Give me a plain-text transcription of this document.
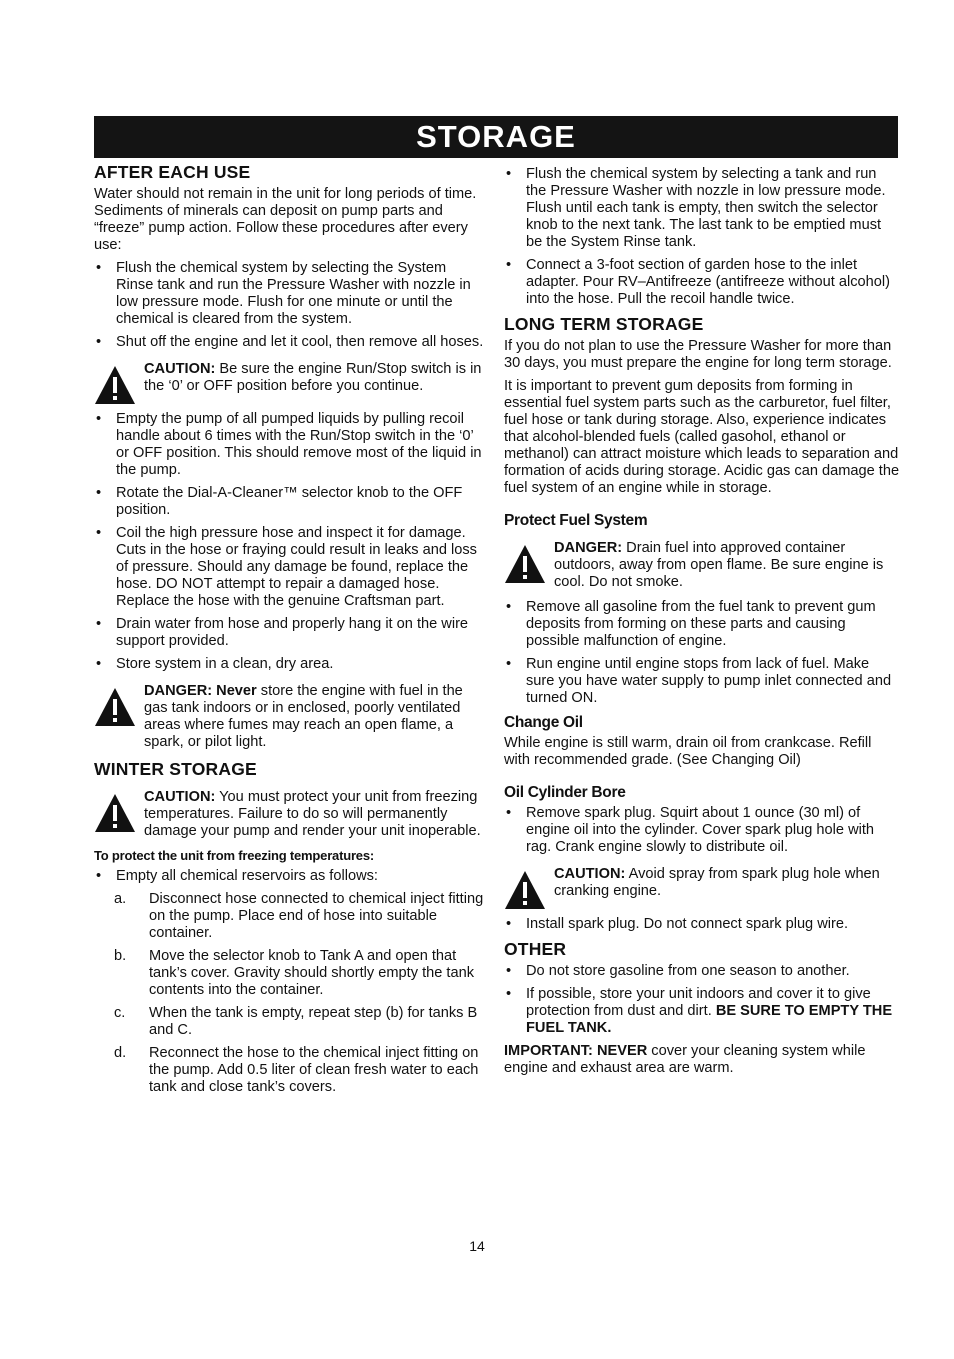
STORAGE
AFTER EACH USE

Water should not remain in the unit for long periods of time. Sediments of minerals can deposit on pump parts and “freeze” pump action. Follow these procedures after every use:

• Flush the chemical system by selecting the System Rinse tank and run the Pressure Washer with nozzle in low pressure mode. Flush for one minute or until the chemical is cleared from the system.
• Shut off the engine and let it cool, then remove all hoses.
CAUTION: Be sure the engine Run/Stop switch is in the ‘0’ or OFF position before you continue.
• Empty the pump of all pumped liquids by pulling recoil handle about 6 times with the Run/Stop switch in the ‘0’ or OFF position. This should remove most of the liquid in the pump.
• Rotate the Dial-A-Cleaner™ selector knob to the OFF position.
• Coil the high pressure hose and inspect it for damage. Cuts in the hose or fraying could result in leaks and loss of pressure. Should any damage be found, replace the hose. DO NOT attempt to repair a damaged hose. Replace the hose with the genuine Craftsman part.
• Drain water from hose and properly hang it on the wire support provided.
• Store system in a clean, dry area.
DANGER: Never store the engine with fuel in the gas tank indoors or in enclosed, poorly ventilated areas where fumes may reach an open flame, a spark, or pilot light.
WINTER STORAGE
CAUTION: You must protect your unit from freezing temperatures. Failure to do so will permanently damage your pump and render your unit inoperable.
To protect the unit from freezing temperatures:
• Empty all chemical reservoirs as follows:
a. Disconnect hose connected to chemical inject fitting on the pump. Place end of hose into suitable container.
b. Move the selector knob to Tank A and open that tank’s cover. Gravity should shortly empty the tank contents into the container.
c. When the tank is empty, repeat step (b) for tanks B and C.
d. Reconnect the hose to the chemical inject fitting on the pump. Add 0.5 liter of clean fresh water to each tank and close tank’s covers.
• Flush the chemical system by selecting a tank and run the Pressure Washer with nozzle in low pressure mode. Flush until each tank is empty, then switch the selector knob to the next tank. The last tank to be emptied must be the System Rinse tank.
• Connect a 3-foot section of garden hose to the inlet adapter. Pour RV–Antifreeze (antifreeze without alcohol) into the hose. Pull the recoil handle twice.
LONG TERM STORAGE

If you do not plan to use the Pressure Washer for more than 30 days, you must prepare the engine for long term storage.

It is important to prevent gum deposits from forming in essential fuel system parts such as the carburetor, fuel filter, fuel hose or tank during storage. Also, experience indicates that alcohol-blended fuels (called gasohol, ethanol or methanol) can attract moisture which leads to separation and formation of acids during storage. Acidic gas can damage the fuel system of an engine while in storage.

Protect Fuel System
DANGER: Drain fuel into approved container outdoors, away from open flame. Be sure engine is cool. Do not smoke.
• Remove all gasoline from the fuel tank to prevent gum deposits from forming on these parts and causing possible malfunction of engine.
• Run engine until engine stops from lack of fuel. Make sure you have water supply to pump inlet connected and turned ON.
Change Oil

While engine is still warm, drain oil from crankcase. Refill with recommended grade. (See Changing Oil)

Oil Cylinder Bore
• Remove spark plug. Squirt about 1 ounce (30 ml) of engine oil into the cylinder. Cover spark plug hole with rag. Crank engine slowly to distribute oil.
CAUTION: Avoid spray from spark plug hole when cranking engine.
• Install spark plug. Do not connect spark plug wire.
OTHER
• Do not store gasoline from one season to another.
• If possible, store your unit indoors and cover it to give protection from dust and dirt. BE SURE TO EMPTY THE FUEL TANK.

IMPORTANT: NEVER cover your cleaning system while engine and exhaust area are warm.

14
